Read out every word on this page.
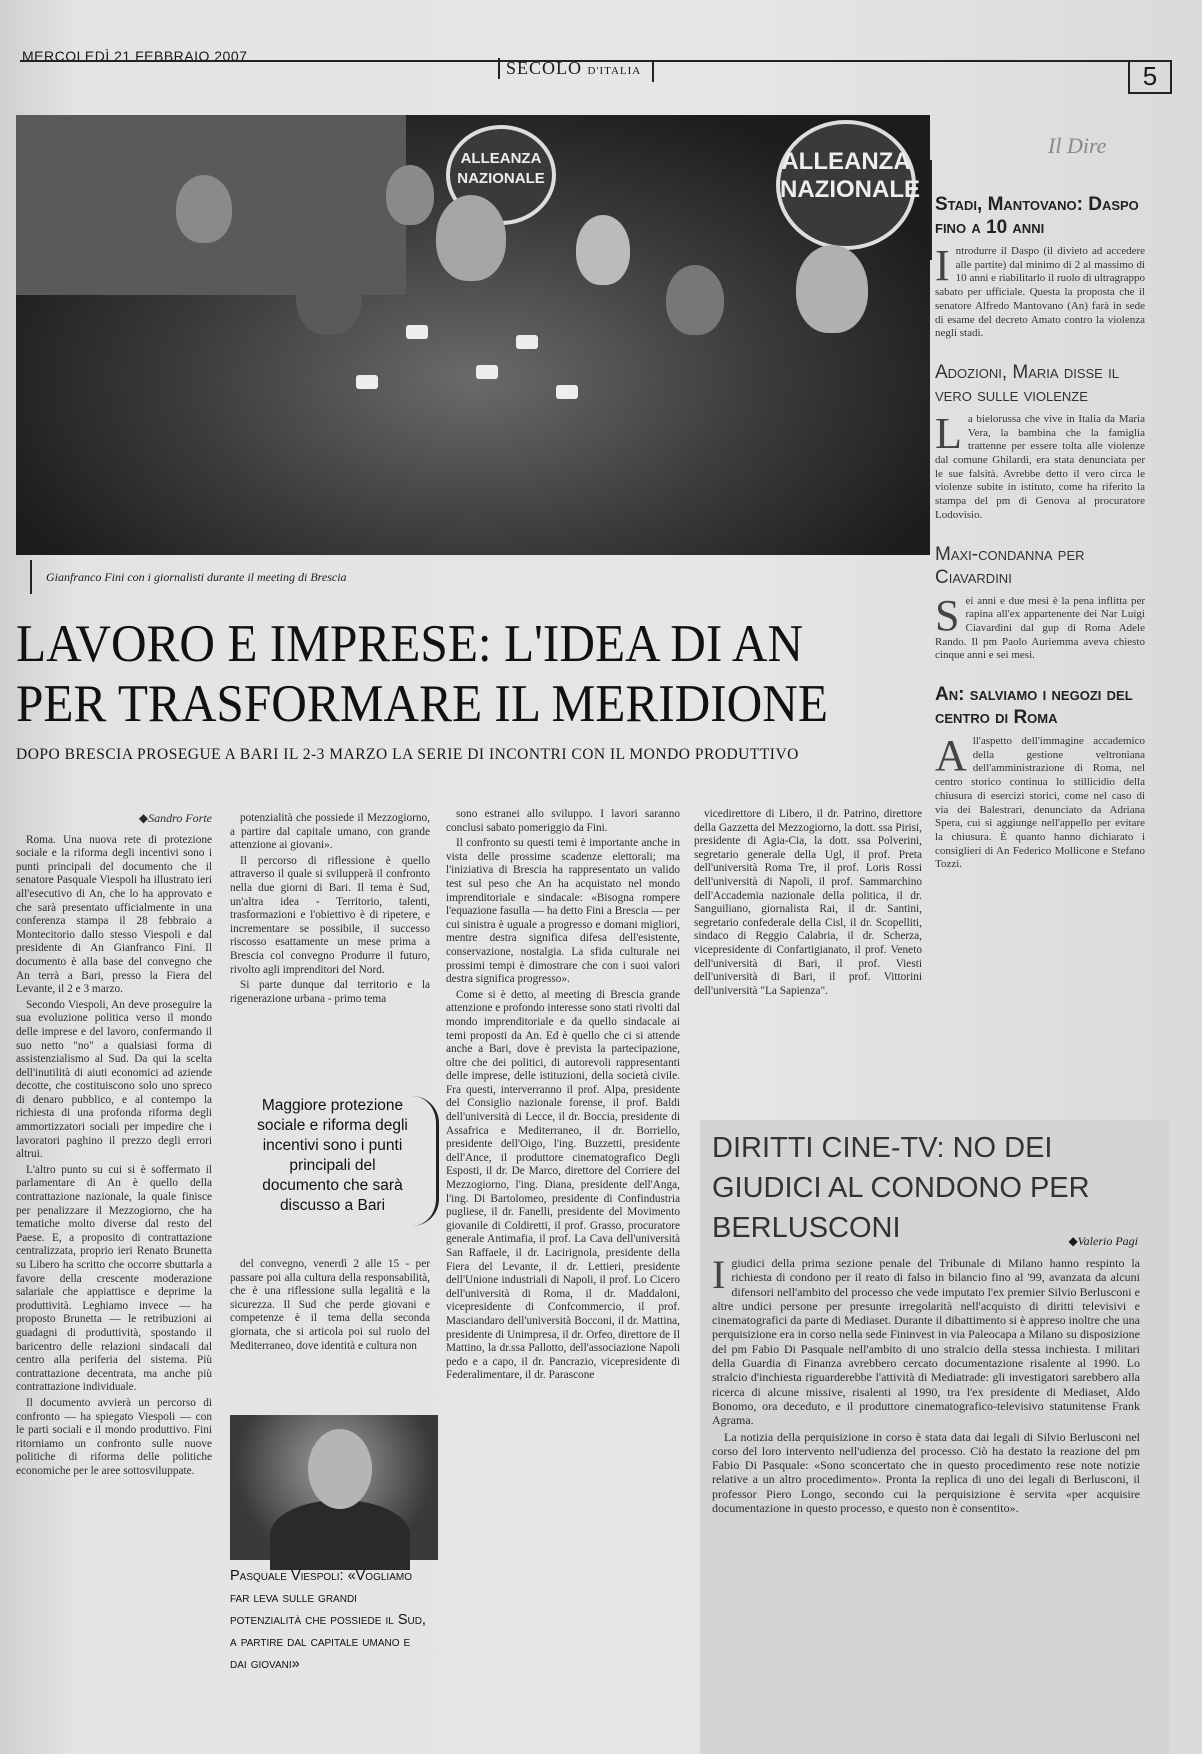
MERCOLEDÌ 21 FEBBRAIO 2007
SECOLO D'ITALIA	5
Il Dire
ALLEANZA NAZIONALE
ALLEANZA NAZIONALE
Gianfranco Fini con i giornalisti durante il meeting di Brescia
LAVORO E IMPRESE: L'IDEA DI AN
PER TRASFORMARE IL MERIDIONE
DOPO BRESCIA PROSEGUE A BARI IL 2-3 MARZO LA SERIE DI INCONTRI CON IL MONDO PRODUTTIVO
◆ Sandro Forte

Roma. Una nuova rete di protezione sociale e la riforma degli incentivi sono i punti principali del documento che il senatore Pasquale Viespoli ha illustrato ieri all'esecutivo di An, che lo ha approvato e che sarà presentato ufficialmente in una conferenza stampa il 28 febbraio a Montecitorio dallo stesso Viespoli e dal presidente di An Gianfranco Fini. Il documento è alla base del convegno che An terrà a Bari, presso la Fiera del Levante, il 2 e 3 marzo.

Secondo Viespoli, An deve proseguire la sua evoluzione politica verso il mondo delle imprese e del lavoro, confermando il suo netto "no" a qualsiasi forma di assistenzialismo al Sud. Da qui la scelta dell'inutilità di aiuti economici ad aziende decotte, che costituiscono solo uno spreco di denaro pubblico, e al contempo la richiesta di una profonda riforma degli ammortizzatori sociali per impedire che i lavoratori paghino il prezzo degli errori altrui.

L'altro punto su cui si è soffermato il parlamentare di An è quello della contrattazione nazionale, la quale finisce per penalizzare il Mezzogiorno, che ha tematiche molto diverse dal resto del Paese. E, a proposito di contrattazione centralizzata, proprio ieri Renato Brunetta su Libero ha scritto che occorre sbuttarla a favore della crescente moderazione salariale che appiattisce e deprime la produttività. Leghiamo invece — ha proposto Brunetta — le retribuzioni ai guadagni di produttività, spostando il baricentro delle relazioni sindacali dal centro alla periferia del sistema. Più contrattazione decentrata, ma anche più contrattazione individuale.

Il documento avvierà un percorso di confronto — ha spiegato Viespoli — con le parti sociali e il mondo produttivo. Fini ritorniamo un confronto sulle nuove politiche di riforma delle politiche economiche per le aree sottosviluppate.

potenzialità che possiede il Mezzogiorno, a partire dal capitale umano, con grande attenzione ai giovani».

Il percorso di riflessione è quello attraverso il quale si svilupperà il confronto nella due giorni di Bari. Il tema è Sud, un'altra idea - Territorio, talenti, trasformazioni e l'obiettivo è di ripetere, e incrementare se possibile, il successo riscosso esattamente un mese prima a Brescia col convegno Produrre il futuro, rivolto agli imprenditori del Nord.

Si parte dunque dal territorio e la rigenerazione urbana - primo tema

Maggiore protezione sociale e riforma degli incentivi sono i punti principali del documento che sarà discusso a Bari

del convegno, venerdì 2 alle 15 - per passare poi alla cultura della responsabilità, che è una riflessione sulla legalità e la sicurezza. Il Sud che perde giovani e competenze è il tema della seconda giornata, che si articola poi sul ruolo del Mediterraneo, dove identità e cultura non

Pasquale Viespoli: «Vogliamo far leva sulle grandi potenzialità che possiede il Sud, a partire dal capitale umano e dai giovani»

sono estranei allo sviluppo. I lavori saranno conclusi sabato pomeriggio da Fini.

Il confronto su questi temi è importante anche in vista delle prossime scadenze elettorali; ma l'iniziativa di Brescia ha rappresentato un valido test sul peso che An ha acquistato nel mondo imprenditoriale e sindacale: «Bisogna rompere l'equazione fasulla — ha detto Fini a Brescia — per cui sinistra è uguale a progresso e domani migliori, mentre destra significa difesa dell'esistente, conservazione, nostalgia. La sfida culturale nei prossimi tempi è dimostrare che con i suoi valori destra significa progresso».

Come si è detto, al meeting di Brescia grande attenzione e profondo interesse sono stati rivolti dal mondo imprenditoriale e da quello sindacale ai temi proposti da An. Ed è quello che ci si attende anche a Bari, dove è prevista la partecipazione, oltre che dei politici, di autorevoli rappresentanti delle imprese, delle istituzioni, della società civile. Fra questi, interverranno il prof. Alpa, presidente del Consiglio nazionale forense, il prof. Baldi dell'università di Lecce, il dr. Boccia, presidente di Assafrica e Mediterraneo, il dr. Borriello, presidente dell'Oigo, l'ing. Buzzetti, presidente dell'Ance, il produttore cinematografico Degli Esposti, il dr. De Marco, direttore del Corriere del Mezzogiorno, l'ing. Diana, presidente dell'Anga, l'ing. Di Bartolomeo, presidente di Confindustria pugliese, il dr. Fanelli, presidente del Movimento giovanile di Coldiretti, il prof. Grasso, procuratore generale Antimafia, il prof. La Cava dell'università San Raffaele, il dr. Lacirignola, presidente della Fiera del Levante, il dr. Lettieri, presidente dell'Unione industriali di Napoli, il prof. Lo Cicero dell'università di Roma, il dr. Maddaloni, vicepresidente di Confcommercio, il prof. Masciandaro dell'università Bocconi, il dr. Mattina, presidente di Unimpresa, il dr. Orfeo, direttore de Il Mattino, la dr.ssa Pallotto, dell'associazione Napoli pedo e a capo, il dr. Pancrazio, vicepresidente di Federalimentare, il dr. Parascone

vicedirettore di Libero, il dr. Patrino, direttore della Gazzetta del Mezzogiorno, la dott. ssa Pirisi, presidente di Agia-Cia, la dott. ssa Polverini, segretario generale della Ugl, il prof. Preta dell'università Roma Tre, il prof. Loris Rossi dell'università di Napoli, il prof. Sammarchino dell'Accademia nazionale della politica, il dr. Sanguiliano, giornalista Rai, il dr. Santini, segretario confederale della Cisl, il dr. Scopelliti, sindaco di Reggio Calabria, il dr. Scherza, vicepresidente di Confartigianato, il prof. Veneto dell'università di Bari, il prof. Viesti dell'università di Bari, il prof. Vittorini dell'università "La Sapienza".

Stadi, Mantovano: Daspo fino a 10 anni
Introdurre il Daspo (il divieto ad accedere alle partite) dal minimo di 2 al massimo di 10 anni e riabilitarlo il ruolo di ultragrappo sabato per ufficiale. Questa la proposta che il senatore Alfredo Mantovano (An) farà in sede di esame del decreto Amato contro la violenza negli stadi.
Adozioni, Maria disse il vero sulle violenze
La bielorussa che vive in Italia da Maria Vera, la bambina che la famiglia trattenne per essere tolta alle violenze dal comune Ghilardi, era stata denunciata per le sue falsità. Avrebbe detto il vero circa le violenze subite in istituto, come ha riferito la stampa del pm di Genova al procuratore Lodovisio.
Maxi-condanna per Ciavardini
Sei anni e due mesi è la pena inflitta per rapina all'ex appartenente dei Nar Luigi Ciavardini dal gup di Roma Adele Rando. Il pm Paolo Auriemma aveva chiesto cinque anni e sei mesi.
An: salviamo i negozi del centro di Roma
All'aspetto dell'immagine accademico della gestione veltroniana dell'amministrazione di Roma, nel centro storico continua lo stillicidio della chiusura di esercizi storici, come nel caso di via dei Balestrari, denunciato da Adriana Spera, cui si aggiunge nell'appello per evitare la chiusura. È quanto hanno dichiarato i consiglieri di An Federico Mollicone e Stefano Tozzi.
DIRITTI CINE-TV: NO DEI GIUDICI AL CONDONO PER BERLUSCONI
◆	Valerio Pagi

I giudici della prima sezione penale del Tribunale di Milano hanno respinto la richiesta di condono per il reato di falso in bilancio fino al '99, avanzata da alcuni difensori nell'ambito del processo che vede imputato l'ex premier Silvio Berlusconi e altre undici persone per presunte irregolarità nell'acquisto di diritti televisivi e cinematografici da parte di Mediaset. Durante il dibattimento si è appreso inoltre che una perquisizione era in corso nella sede Fininvest in via Paleocapa a Milano su disposizione del pm Fabio Di Pasquale nell'ambito di uno stralcio della stessa inchiesta. I militari della Guardia di Finanza avrebbero cercato documentazione risalente al 1990. Lo stralcio d'inchiesta riguarderebbe l'attività di Mediatrade: gli investigatori sarebbero alla ricerca di alcune missive, risalenti al 1990, tra l'ex presidente di Mediaset, Aldo Bonomo, ora deceduto, e il produttore cinematografico-televisivo statunitense Frank Agrama.

La notizia della perquisizione in corso è stata data dai legali di Silvio Berlusconi nel corso del loro intervento nell'udienza del processo. Ciò ha destato la reazione del pm Fabio Di Pasquale: «Sono sconcertato che in questo procedimento rese note notizie relative a un altro procedimento». Pronta la replica di uno dei legali di Berlusconi, il professor Piero Longo, secondo cui la perquisizione è servita «per acquisire documentazione in questo processo, e questo non è consentito».
